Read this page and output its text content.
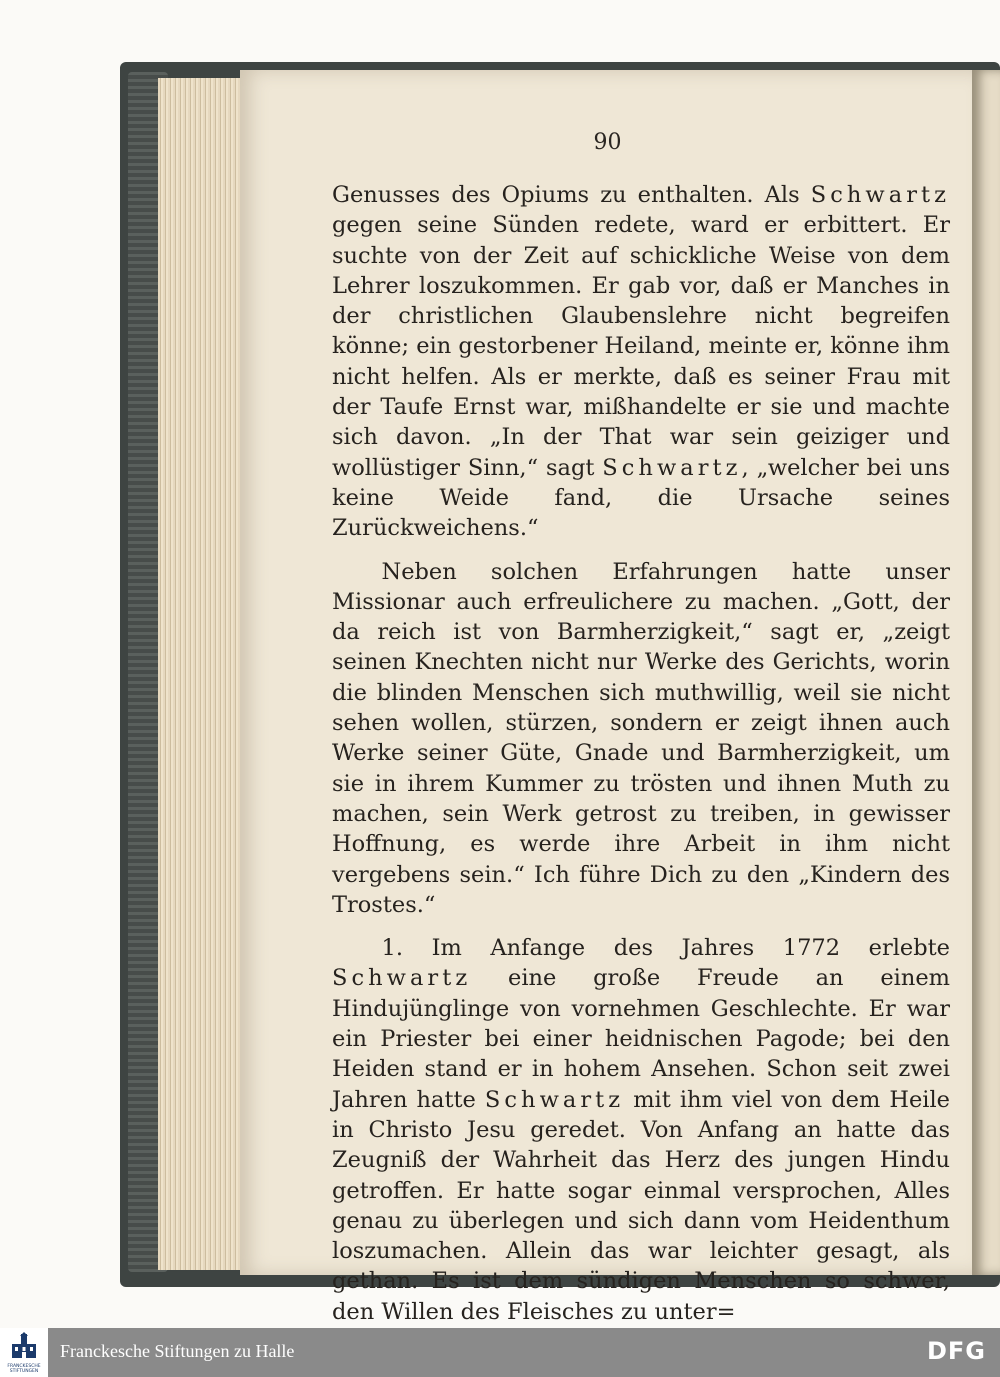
90

Genusses des Opiums zu enthalten. Als Schwartz gegen seine Sünden redete, ward er erbittert. Er suchte von der Zeit auf schickliche Weise von dem Lehrer loszukommen. Er gab vor, daß er Manches in der christlichen Glaubenslehre nicht begreifen könne; ein gestorbener Heiland, meinte er, könne ihm nicht helfen. Als er merkte, daß es seiner Frau mit der Taufe Ernst war, mißhandelte er sie und machte sich davon. „In der That war sein geiziger und wollüstiger Sinn,“ sagt Schwartz, „welcher bei uns keine Weide fand, die Ursache seines Zurückweichens.“

Neben solchen Erfahrungen hatte unser Missionar auch erfreulichere zu machen. „Gott, der da reich ist von Barmherzigkeit,“ sagt er, „zeigt seinen Knechten nicht nur Werke des Gerichts, worin die blinden Menschen sich muthwillig, weil sie nicht sehen wollen, stürzen, sondern er zeigt ihnen auch Werke seiner Güte, Gnade und Barmherzigkeit, um sie in ihrem Kummer zu trösten und ihnen Muth zu machen, sein Werk getrost zu treiben, in gewisser Hoffnung, es werde ihre Arbeit in ihm nicht vergebens sein.“ Ich führe Dich zu den „Kindern des Trostes.“

1. Im Anfange des Jahres 1772 erlebte Schwartz eine große Freude an einem Hindujünglinge von vornehmen Geschlechte. Er war ein Priester bei einer heidnischen Pagode; bei den Heiden stand er in hohem Ansehen. Schon seit zwei Jahren hatte Schwartz mit ihm viel von dem Heile in Christo Jesu geredet. Von Anfang an hatte das Zeugniß der Wahrheit das Herz des jungen Hindu getroffen. Er hatte sogar einmal versprochen, Alles genau zu überlegen und sich dann vom Heidenthum loszumachen. Allein das war leichter gesagt, als gethan. Es ist dem sündigen Menschen so schwer, den Willen des Fleisches zu unter=

FRANCKESCHE
STIFTUNGEN
Franckesche Stiftungen zu Halle	DFG
